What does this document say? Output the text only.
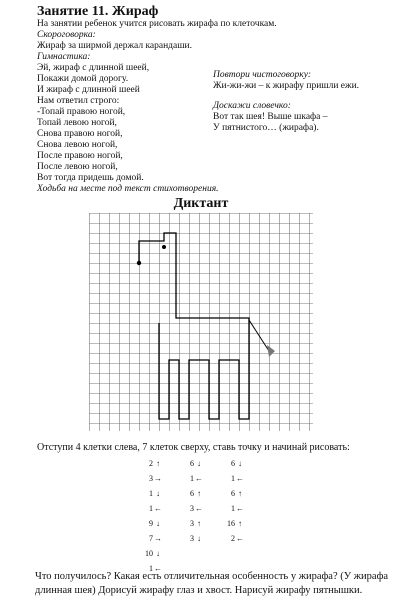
Занятие 11. Жираф
На занятии ребенок учится рисовать жирафа по клеточкам.
Скороговорка:
Жираф за ширмой держал карандаши.
Гимнастика:
Эй, жираф с длинной шеей,
Покажи домой дорогу.
И жираф с длинной шеей
Нам ответил строго:
-Топай правою ногой,
Топай левою ногой,
Снова правою ногой,
Снова левою ногой,
После правою ногой,
После левою ногой,
Вот тогда придешь домой.
Ходьба на месте под текст стихотворения.
Повтори чистоговорку:
Жи-жи-жи – к жирафу пришли ежи.
Доскажи словечко:
Вот так шея! Выше шкафа –
У пятнистого… (жирафа).
Диктант
Отступи 4 клетки слева, 7 клеток сверху, ставь точку и начинай рисовать:
2 ↑
3→
1 ↓
1←
9 ↓
7→
10 ↓
1←
6 ↓
1←
6 ↑
3←
3 ↑
3 ↓
6 ↓
1←
6 ↑
1←
16 ↑
2←
Что получилось? Какая есть отличительная особенность у жирафа? (У жирафа длинная шея) Дорисуй жирафу глаз и хвост. Нарисуй жирафу пятнышки.
